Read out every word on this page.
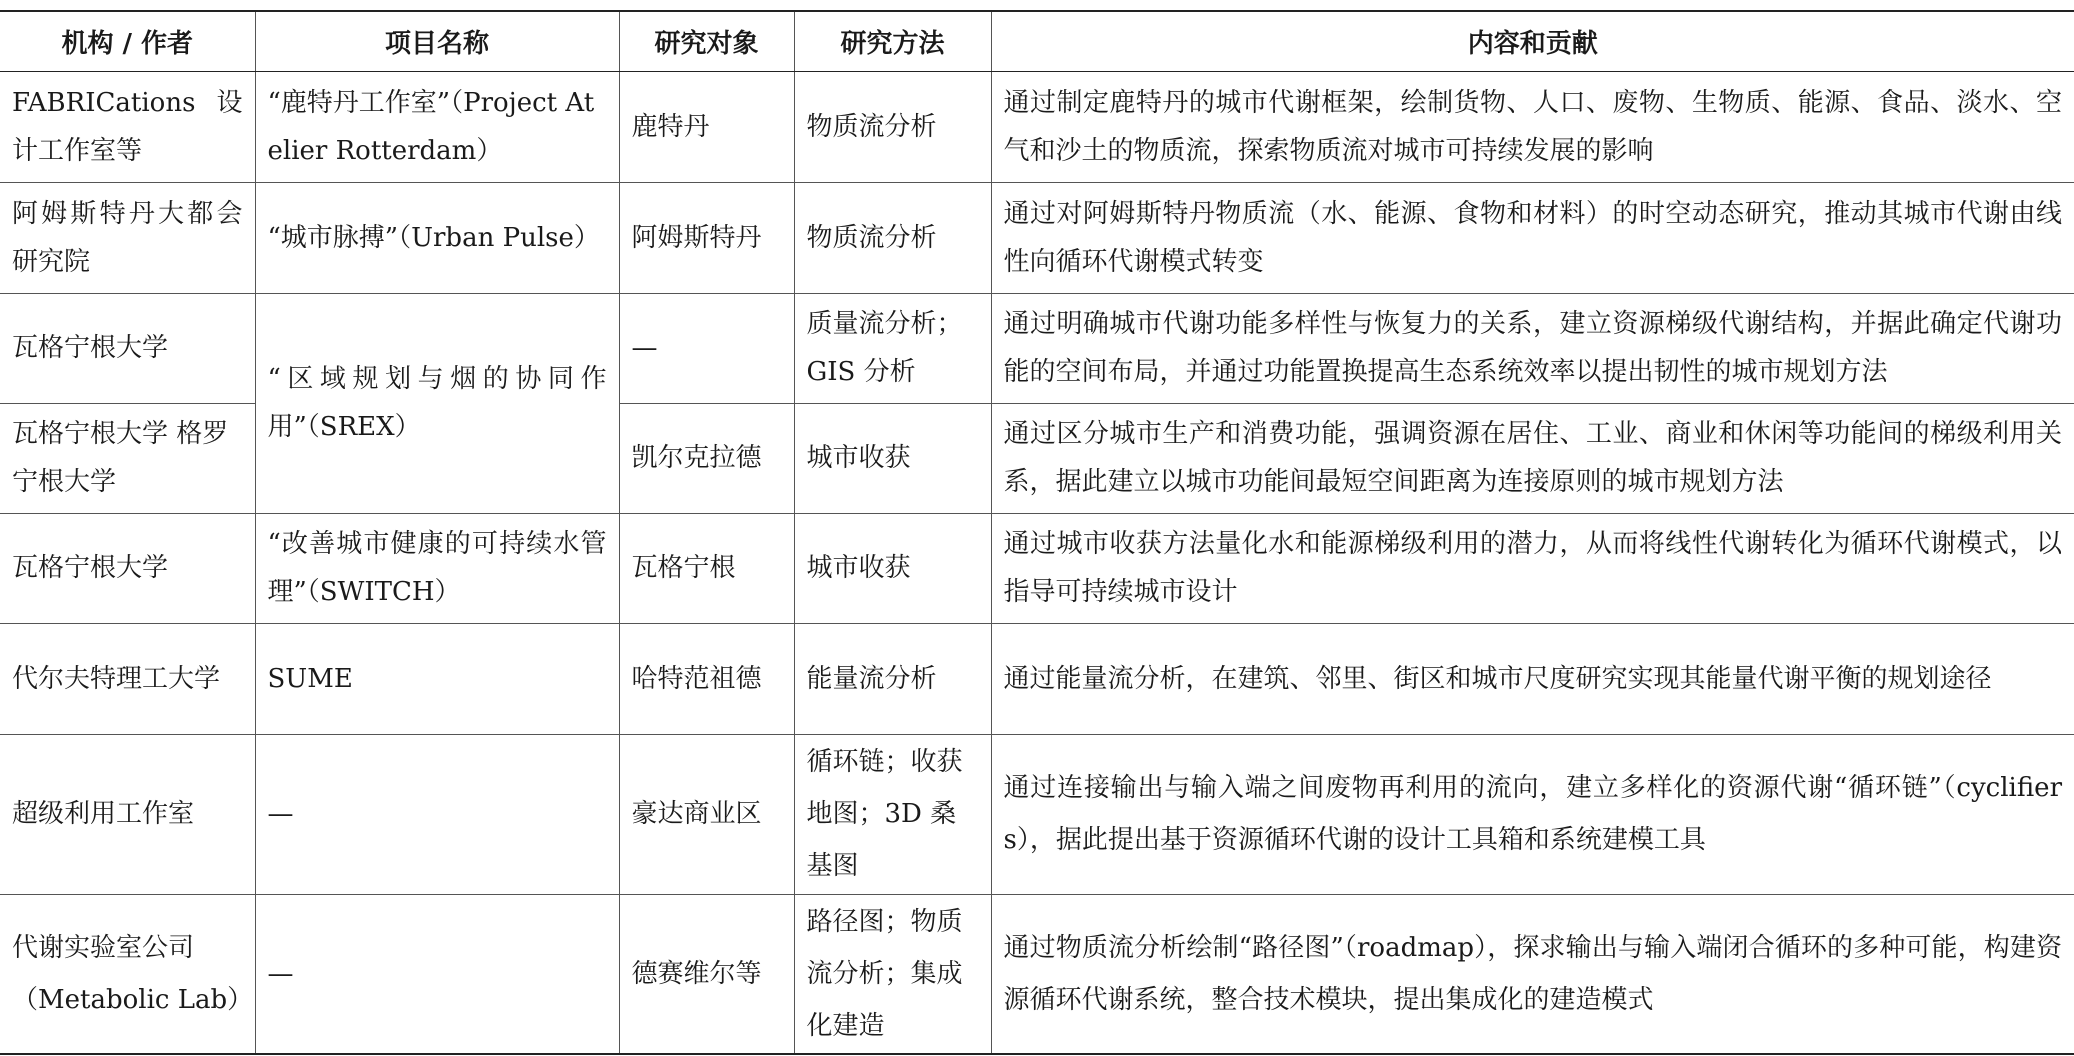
机构 / 作者	项目名称	研究对象	研究方法	内容和贡献
FABRICations 设计工作室等	“鹿特丹工作室”（Project Atelier Rotterdam）	鹿特丹	物质流分析	通过制定鹿特丹的城市代谢框架，绘制货物、人口、废物、生物质、能源、食品、淡水、空气和沙土的物质流，探索物质流对城市可持续发展的影响
阿姆斯特丹大都会研究院	“城市脉搏”（Urban Pulse）	阿姆斯特丹	物质流分析	通过对阿姆斯特丹物质流（水、能源、食物和材料）的时空动态研究，推动其城市代谢由线性向循环代谢模式转变
瓦格宁根大学	“区域规划与烟的协同作用”（SREX）	—	质量流分析；GIS 分析	通过明确城市代谢功能多样性与恢复力的关系，建立资源梯级代谢结构，并据此确定代谢功能的空间布局，并通过功能置换提高生态系统效率以提出韧性的城市规划方法
瓦格宁根大学 格罗宁根大学		凯尔克拉德	城市收获	通过区分城市生产和消费功能，强调资源在居住、工业、商业和休闲等功能间的梯级利用关系，据此建立以城市功能间最短空间距离为连接原则的城市规划方法
瓦格宁根大学	“改善城市健康的可持续水管理”（SWITCH）	瓦格宁根	城市收获	通过城市收获方法量化水和能源梯级利用的潜力，从而将线性代谢转化为循环代谢模式，以指导可持续城市设计
代尔夫特理工大学	SUME	哈特范祖德	能量流分析	通过能量流分析，在建筑、邻里、街区和城市尺度研究实现其能量代谢平衡的规划途径
超级利用工作室	—	豪达商业区	循环链；收获地图；3D 桑基图	通过连接输出与输入端之间废物再利用的流向，建立多样化的资源代谢“循环链”（cyclifiers），据此提出基于资源循环代谢的设计工具箱和系统建模工具
代谢实验室公司（Metabolic Lab）	—	德赛维尔等	路径图；物质流分析；集成化建造	通过物质流分析绘制“路径图”（roadmap），探求输出与输入端闭合循环的多种可能，构建资源循环代谢系统，整合技术模块，提出集成化的建造模式
